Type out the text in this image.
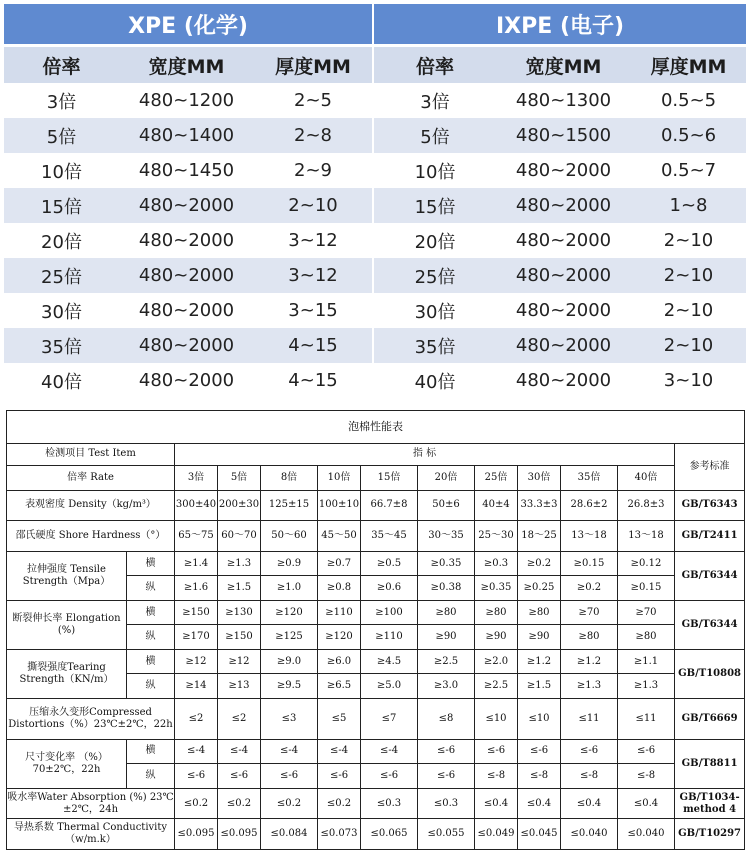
XPE (化学)			IXPE (电子)		
倍率	宽度MM	厚度MM	倍率	宽度MM	厚度MM
3倍	480~1200	2~5	3倍	480~1300	0.5~5
5倍	480~1400	2~8	5倍	480~1500	0.5~6
10倍	480~1450	2~9	10倍	480~2000	0.5~7
15倍	480~2000	2~10	15倍	480~2000	1~8
20倍	480~2000	3~12	20倍	480~2000	2~10
25倍	480~2000	3~12	25倍	480~2000	2~10
30倍	480~2000	3~15	30倍	480~2000	2~10
35倍	480~2000	4~15	35倍	480~2000	2~10
40倍	480~2000	4~15	40倍	480~2000	3~10
泡棉性能表												
检测项目 Test Item		指 标										参考标准
倍率 Rate		3倍	5倍	8倍	10倍	15倍	20倍	25倍	30倍	35倍	40倍	
表观密度 Density（kg/m³）		300±40	200±30	125±15	100±10	66.7±8	50±6	40±4	33.3±3	28.6±2	26.8±3	GB/T6343
邵氏硬度 Shore Hardness（°）		65～75	60～70	50～60	45～50	35～45	30～35	25～30	18～25	13～18	13～18	GB/T2411
拉伸强度 Tensile Strength（Mpa）	横	≥1.4	≥1.3	≥0.9	≥0.7	≥0.5	≥0.35	≥0.3	≥0.2	≥0.15	≥0.12	GB/T6344
	纵	≥1.6	≥1.5	≥1.0	≥0.8	≥0.6	≥0.38	≥0.35	≥0.25	≥0.2	≥0.15	
断裂伸长率 Elongation (%)	横	≥150	≥130	≥120	≥110	≥100	≥80	≥80	≥80	≥70	≥70	GB/T6344
	纵	≥170	≥150	≥125	≥120	≥110	≥90	≥90	≥90	≥80	≥80	
撕裂强度Tearing Strength（KN/m）	横	≥12	≥12	≥9.0	≥6.0	≥4.5	≥2.5	≥2.0	≥1.2	≥1.2	≥1.1	GB/T10808
	纵	≥14	≥13	≥9.5	≥6.5	≥5.0	≥3.0	≥2.5	≥1.5	≥1.3	≥1.3	
压缩永久变形Compressed Distortions（%）23℃±2℃，22h		≤2	≤2	≤3	≤5	≤7	≤8	≤10	≤10	≤11	≤11	GB/T6669
尺寸变化率 （%）70±2℃，22h	横	≤-4	≤-4	≤-4	≤-4	≤-4	≤-6	≤-6	≤-6	≤-6	≤-6	GB/T8811
	纵	≤-6	≤-6	≤-6	≤-6	≤-6	≤-6	≤-8	≤-8	≤-8	≤-8	
吸水率Water Absorption (%) 23℃±2℃，24h		≤0.2	≤0.2	≤0.2	≤0.2	≤0.3	≤0.3	≤0.4	≤0.4	≤0.4	≤0.4	GB/T1034-method 4
导热系数 Thermal Conductivity（w/m.k）		≤0.095	≤0.095	≤0.084	≤0.073	≤0.065	≤0.055	≤0.049	≤0.045	≤0.040	≤0.040	GB/T10297
